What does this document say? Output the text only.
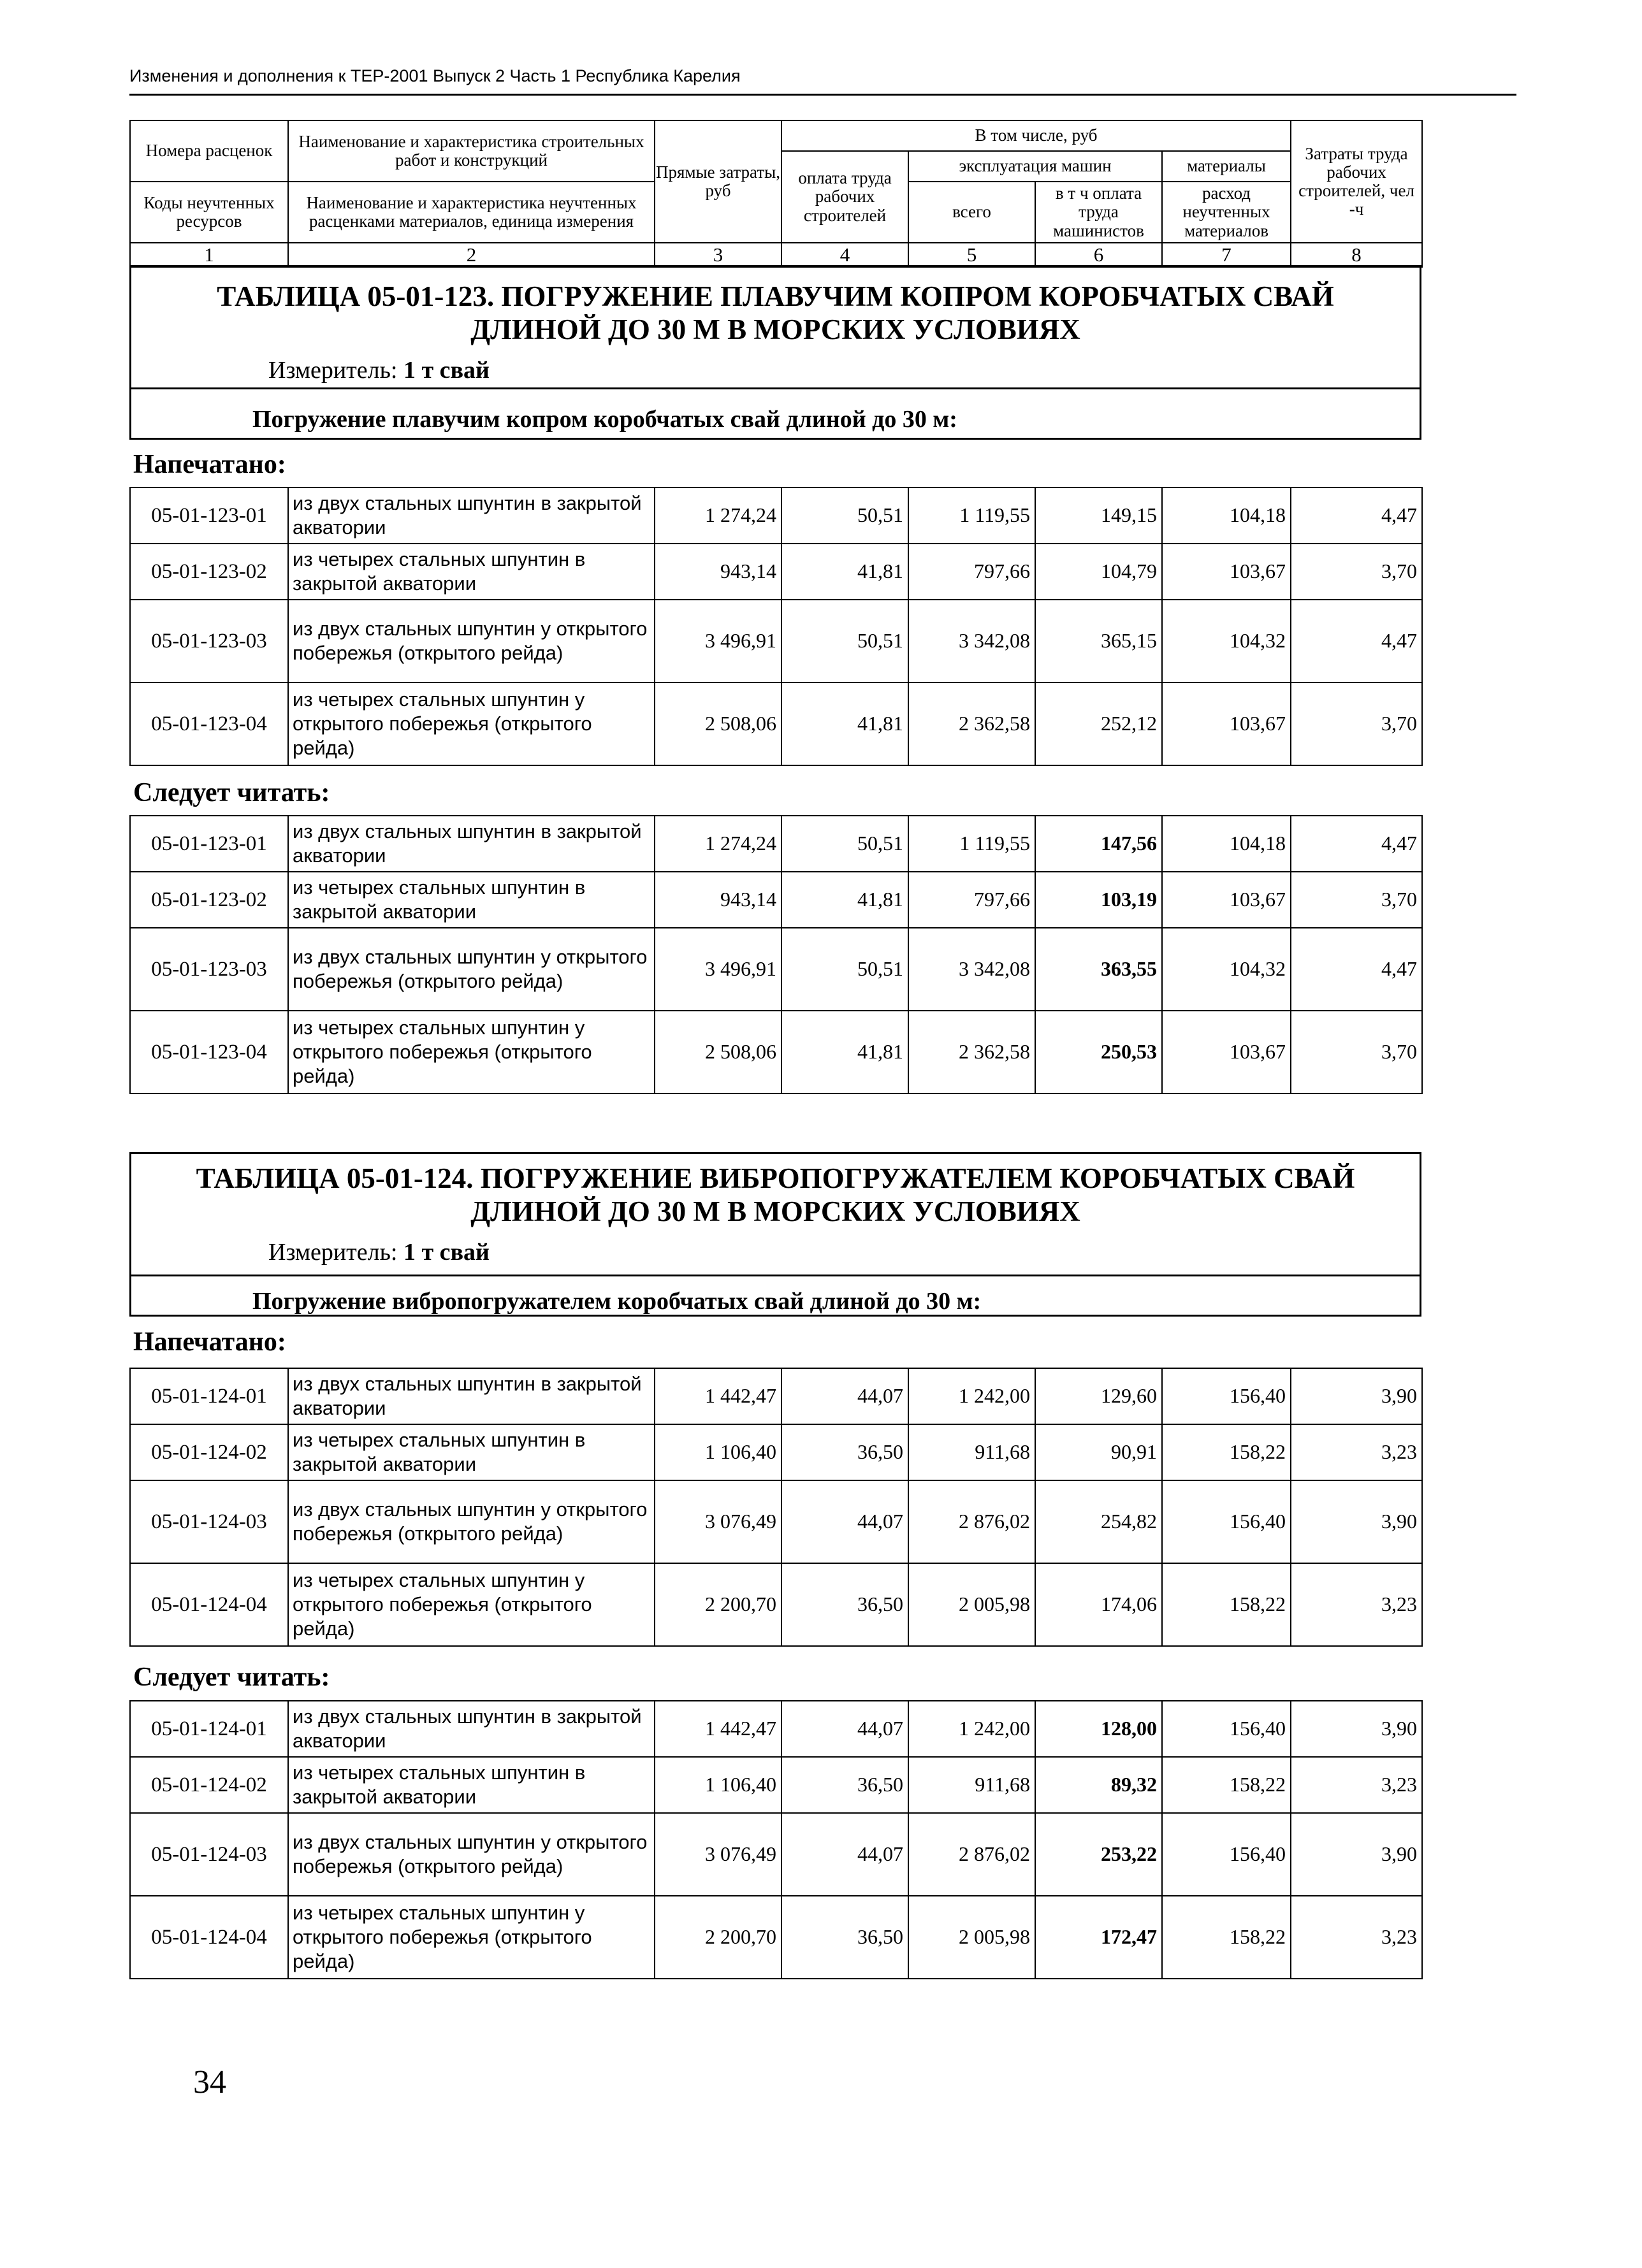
Изменения и дополнения к ТЕР-2001 Выпуск 2 Часть 1 Республика Карелия
Номера расценок	Наименование и характеристика строительных работ и конструкций	Прямые затраты, руб	В том числе, руб				Затраты труда рабочих строителей, чел -ч
			оплата труда рабочих строителей	эксплуатация машин		материалы	
Коды неучтенных ресурсов	Наименование и характеристика неучтенных расценками материалов, единица измерения			всего	в т ч оплата труда машинистов	расход неучтенных материалов	

1	2	3	4	5	6	7	8
ТАБЛИЦА 05-01-123. ПОГРУЖЕНИЕ ПЛАВУЧИМ КОПРОМ КОРОБЧАТЫХ СВАЙ
ДЛИНОЙ ДО 30 М В МОРСКИХ УСЛОВИЯХ
Измеритель: 1 т свай
Погружение плавучим копром коробчатых свай длиной до 30 м:
Напечатано:
05-01-123-01	из двух стальных шпунтин в закрытой акватории	1 274,24	50,51	1 119,55	149,15	104,18	4,47
05-01-123-02	из четырех стальных шпунтин в закрытой акватории	943,14	41,81	797,66	104,79	103,67	3,70
05-01-123-03	из двух стальных шпунтин у открытого побережья (открытого рейда)	3 496,91	50,51	3 342,08	365,15	104,32	4,47
05-01-123-04	из четырех стальных шпунтин у открытого побережья (открытого рейда)	2 508,06	41,81	2 362,58	252,12	103,67	3,70
Следует читать:
05-01-123-01	из двух стальных шпунтин в закрытой акватории	1 274,24	50,51	1 119,55	147,56	104,18	4,47
05-01-123-02	из четырех стальных шпунтин в закрытой акватории	943,14	41,81	797,66	103,19	103,67	3,70
05-01-123-03	из двух стальных шпунтин у открытого побережья (открытого рейда)	3 496,91	50,51	3 342,08	363,55	104,32	4,47
05-01-123-04	из четырех стальных шпунтин у открытого побережья (открытого рейда)	2 508,06	41,81	2 362,58	250,53	103,67	3,70
ТАБЛИЦА 05-01-124. ПОГРУЖЕНИЕ ВИБРОПОГРУЖАТЕЛЕМ КОРОБЧАТЫХ СВАЙ
ДЛИНОЙ ДО 30 М В МОРСКИХ УСЛОВИЯХ
Измеритель: 1 т свай
Погружение вибропогружателем коробчатых свай длиной до 30 м:
Напечатано:
05-01-124-01	из двух стальных шпунтин в закрытой акватории	1 442,47	44,07	1 242,00	129,60	156,40	3,90
05-01-124-02	из четырех стальных шпунтин в закрытой акватории	1 106,40	36,50	911,68	90,91	158,22	3,23
05-01-124-03	из двух стальных шпунтин у открытого побережья (открытого рейда)	3 076,49	44,07	2 876,02	254,82	156,40	3,90
05-01-124-04	из четырех стальных шпунтин у открытого побережья (открытого рейда)	2 200,70	36,50	2 005,98	174,06	158,22	3,23
Следует читать:
05-01-124-01	из двух стальных шпунтин в закрытой акватории	1 442,47	44,07	1 242,00	128,00	156,40	3,90
05-01-124-02	из четырех стальных шпунтин в закрытой акватории	1 106,40	36,50	911,68	89,32	158,22	3,23
05-01-124-03	из двух стальных шпунтин у открытого побережья (открытого рейда)	3 076,49	44,07	2 876,02	253,22	156,40	3,90
05-01-124-04	из четырех стальных шпунтин у открытого побережья (открытого рейда)	2 200,70	36,50	2 005,98	172,47	158,22	3,23
34
